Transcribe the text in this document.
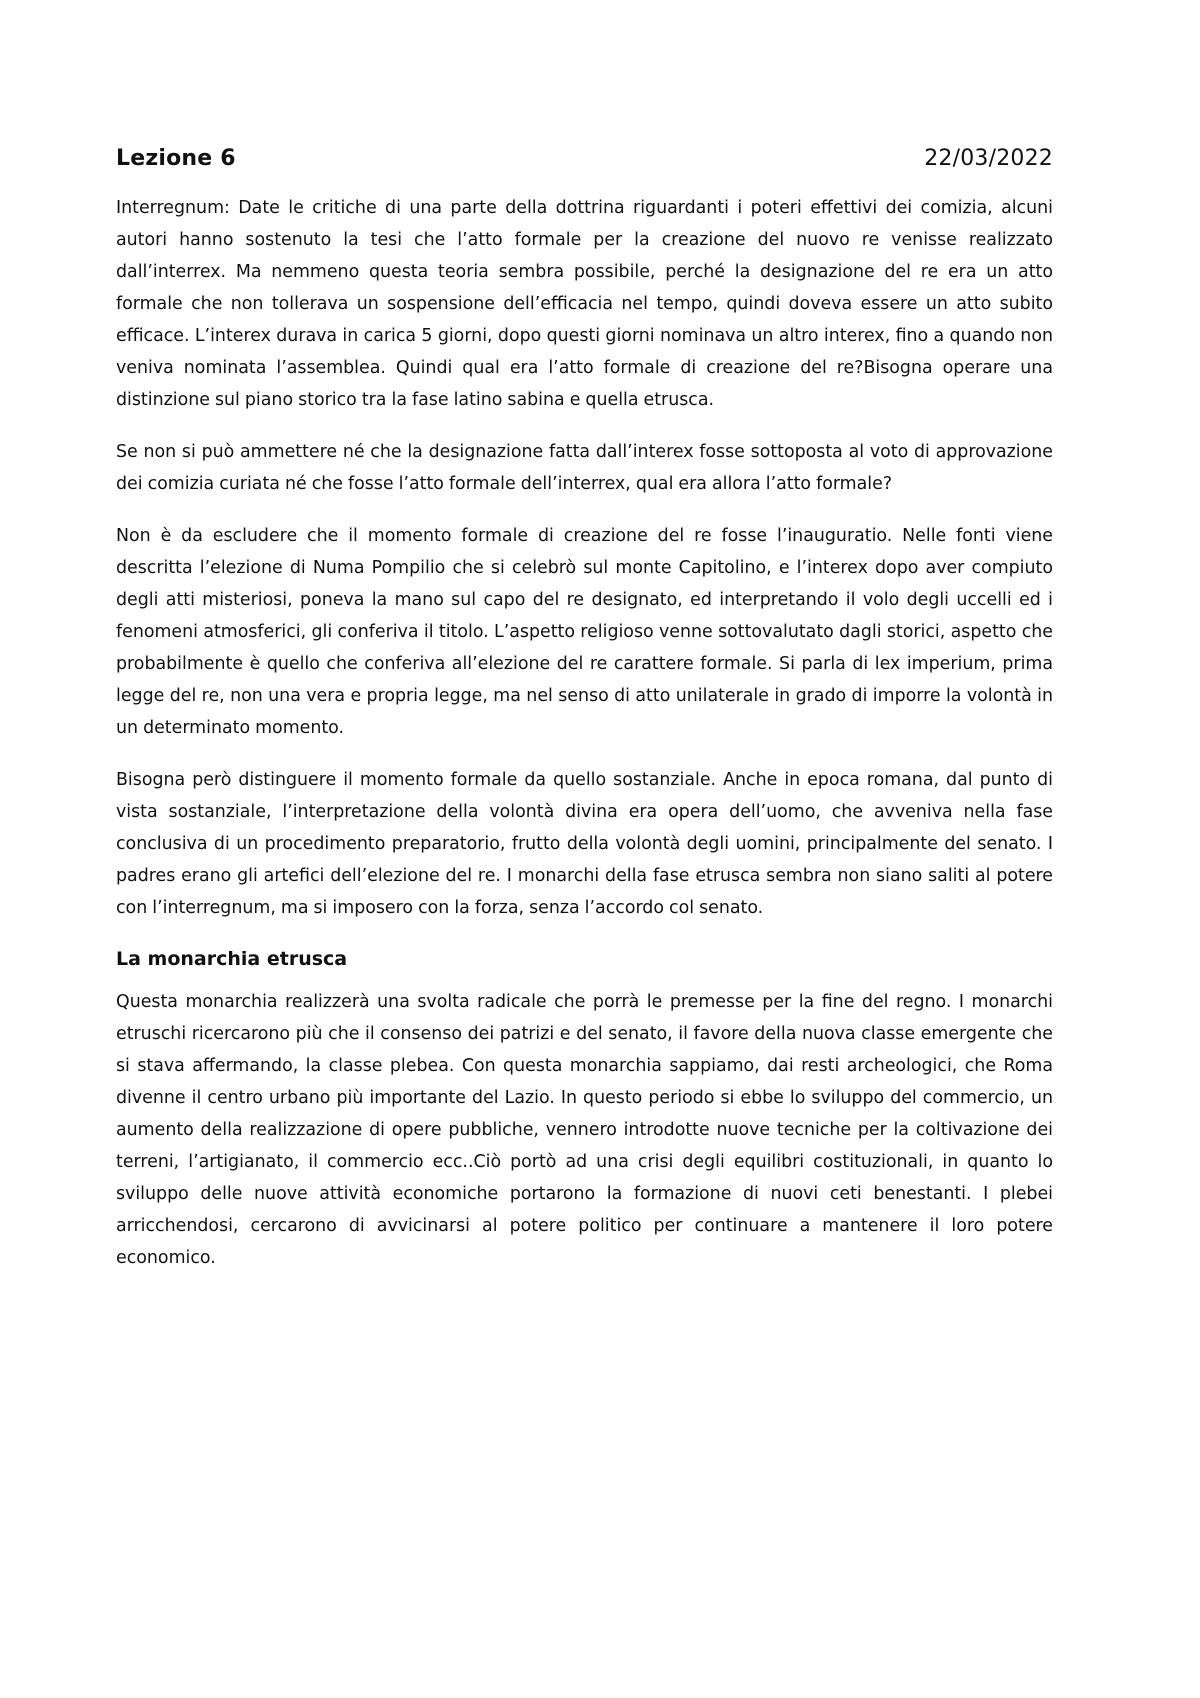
Lezione 6	22/03/2022

Interregnum: Date le critiche di una parte della dottrina riguardanti i poteri effettivi dei comizia, alcuni autori hanno sostenuto la tesi che l’atto formale per la creazione del nuovo re venisse realizzato dall’interrex. Ma nemmeno questa teoria sembra possibile, perché la designazione del re era un atto formale che non tollerava un sospensione dell’efficacia nel tempo, quindi doveva essere un atto subito efficace. L’interex durava in carica 5 giorni, dopo questi giorni nominava un altro interex, fino a quando non veniva nominata l’assemblea. Quindi qual era l’atto formale di creazione del re?Bisogna operare una distinzione sul piano storico tra la fase latino sabina e quella etrusca.

Se non si può ammettere né che la designazione fatta dall’interex fosse sottoposta al voto di approvazione dei comizia curiata né che fosse l’atto formale dell’interrex, qual era allora l’atto formale?

Non è da escludere che il momento formale di creazione del re fosse l’inauguratio. Nelle fonti viene descritta l’elezione di Numa Pompilio che si celebrò sul monte Capitolino, e l’interex dopo aver compiuto degli atti misteriosi, poneva la mano sul capo del re designato, ed interpretando il volo degli uccelli ed i fenomeni atmosferici, gli conferiva il titolo. L’aspetto religioso venne sottovalutato dagli storici, aspetto che probabilmente è quello che conferiva all’elezione del re carattere formale. Si parla di lex imperium, prima legge del re, non una vera e propria legge, ma nel senso di atto unilaterale in grado di imporre la volontà in un determinato momento.

Bisogna però distinguere il momento formale da quello sostanziale. Anche in epoca romana, dal punto di vista sostanziale, l’interpretazione della volontà divina era opera dell’uomo, che avveniva nella fase conclusiva di un procedimento preparatorio, frutto della volontà degli uomini, principalmente del senato. I padres erano gli artefici dell’elezione del re. I monarchi della fase etrusca sembra non siano saliti al potere con l’interregnum, ma si imposero con la forza, senza l’accordo col senato.

La monarchia etrusca

Questa monarchia realizzerà una svolta radicale che porrà le premesse per la fine del regno. I monarchi etruschi ricercarono più che il consenso dei patrizi e del senato, il favore della nuova classe emergente che si stava affermando, la classe plebea. Con questa monarchia sappiamo, dai resti archeologici, che Roma divenne il centro urbano più importante del Lazio. In questo periodo si ebbe lo sviluppo del commercio, un aumento della realizzazione di opere pubbliche, vennero introdotte nuove tecniche per la coltivazione dei terreni, l’artigianato, il commercio ecc..Ciò portò ad una crisi degli equilibri costituzionali, in quanto lo sviluppo delle nuove attività economiche portarono la formazione di nuovi ceti benestanti. I plebei arricchendosi, cercarono di avvicinarsi al potere politico per continuare a mantenere il loro potere economico.
